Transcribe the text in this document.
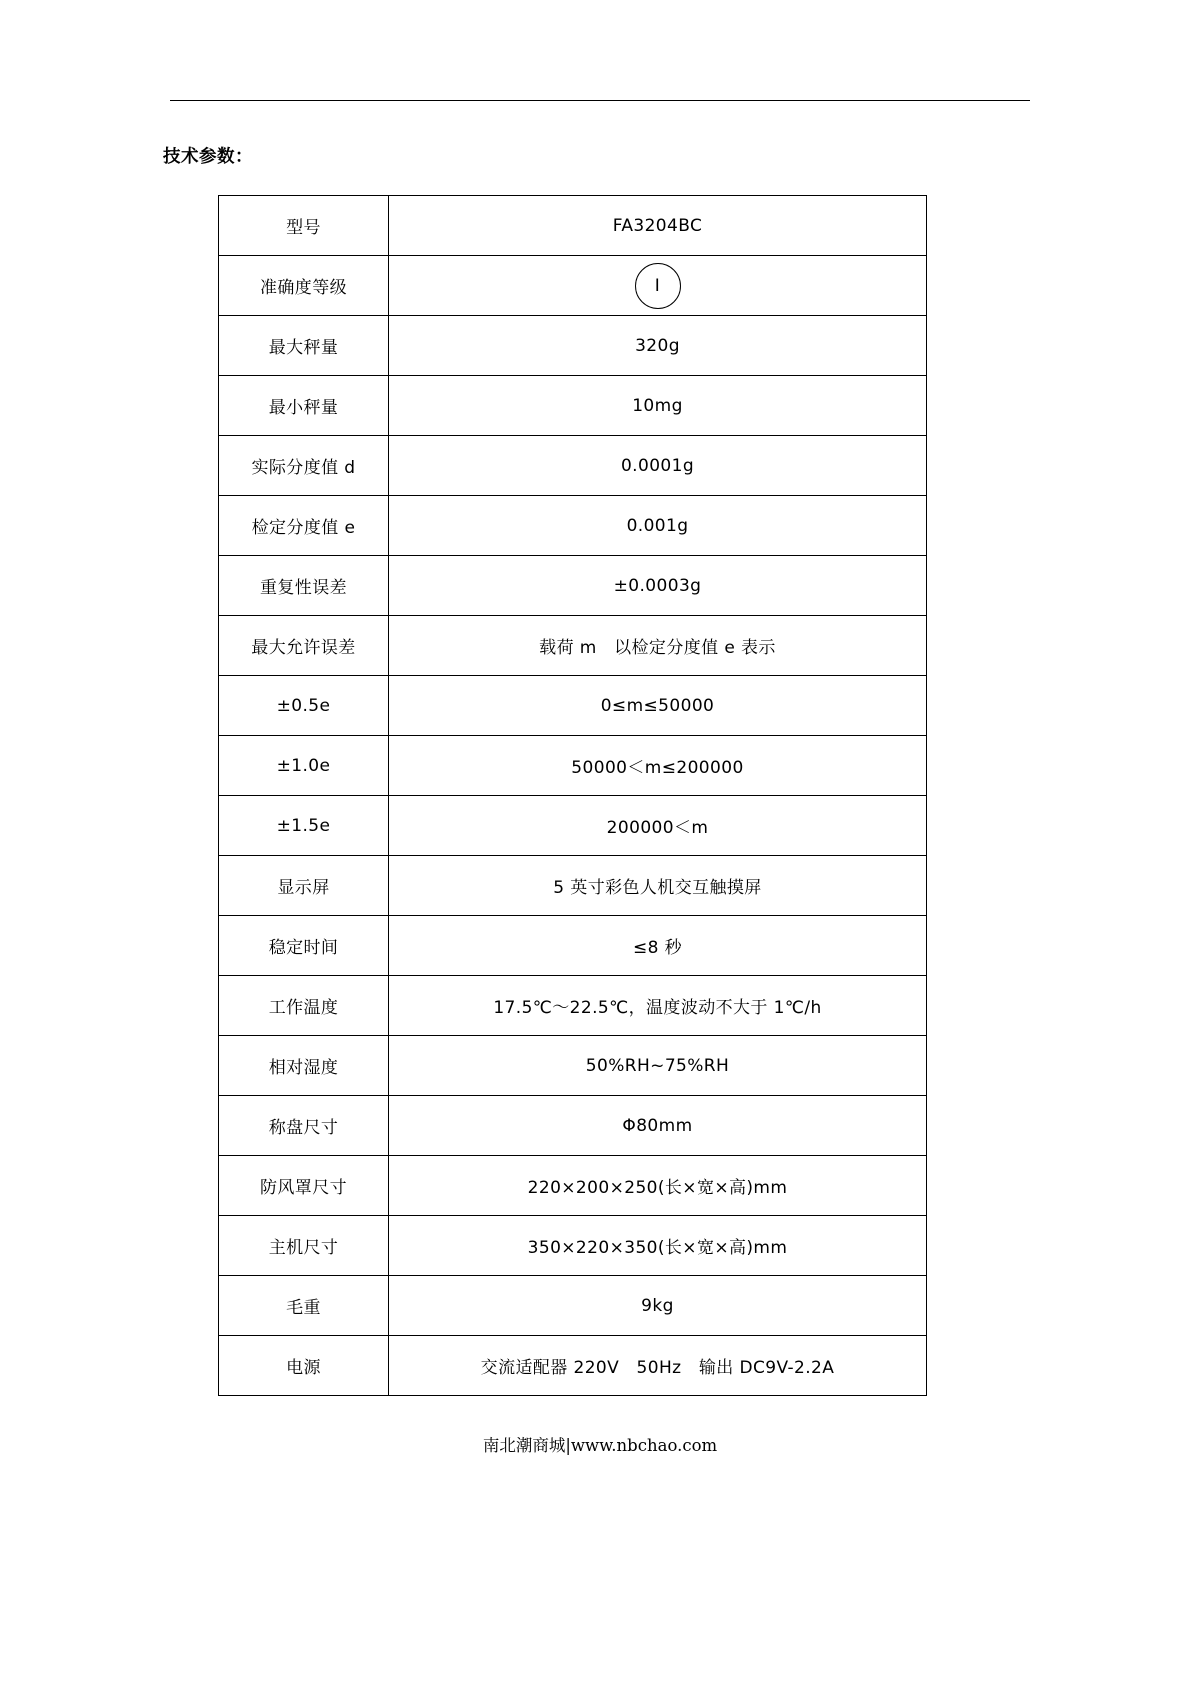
技术参数：
型号	FA3204BC
准确度等级	Ⅰ
最大秤量	320g
最小秤量	10mg
实际分度值 d	0.0001g
检定分度值 e	0.001g
重复性误差	±0.0003g
最大允许误差	载荷 m　以检定分度值 e 表示
±0.5e	0≤m≤50000
±1.0e	50000＜m≤200000
±1.5e	200000＜m
显示屏	5 英寸彩色人机交互触摸屏
稳定时间	≤8 秒
工作温度	17.5℃～22.5℃，温度波动不大于 1℃/h
相对湿度	50%RH~75%RH
称盘尺寸	Φ80mm
防风罩尺寸	220×200×250(长×宽×高)mm
主机尺寸	350×220×350(长×宽×高)mm
毛重	9kg
电源	交流适配器 220V　50Hz　输出 DC9V-2.2A
南北潮商城|www.nbchao.com
